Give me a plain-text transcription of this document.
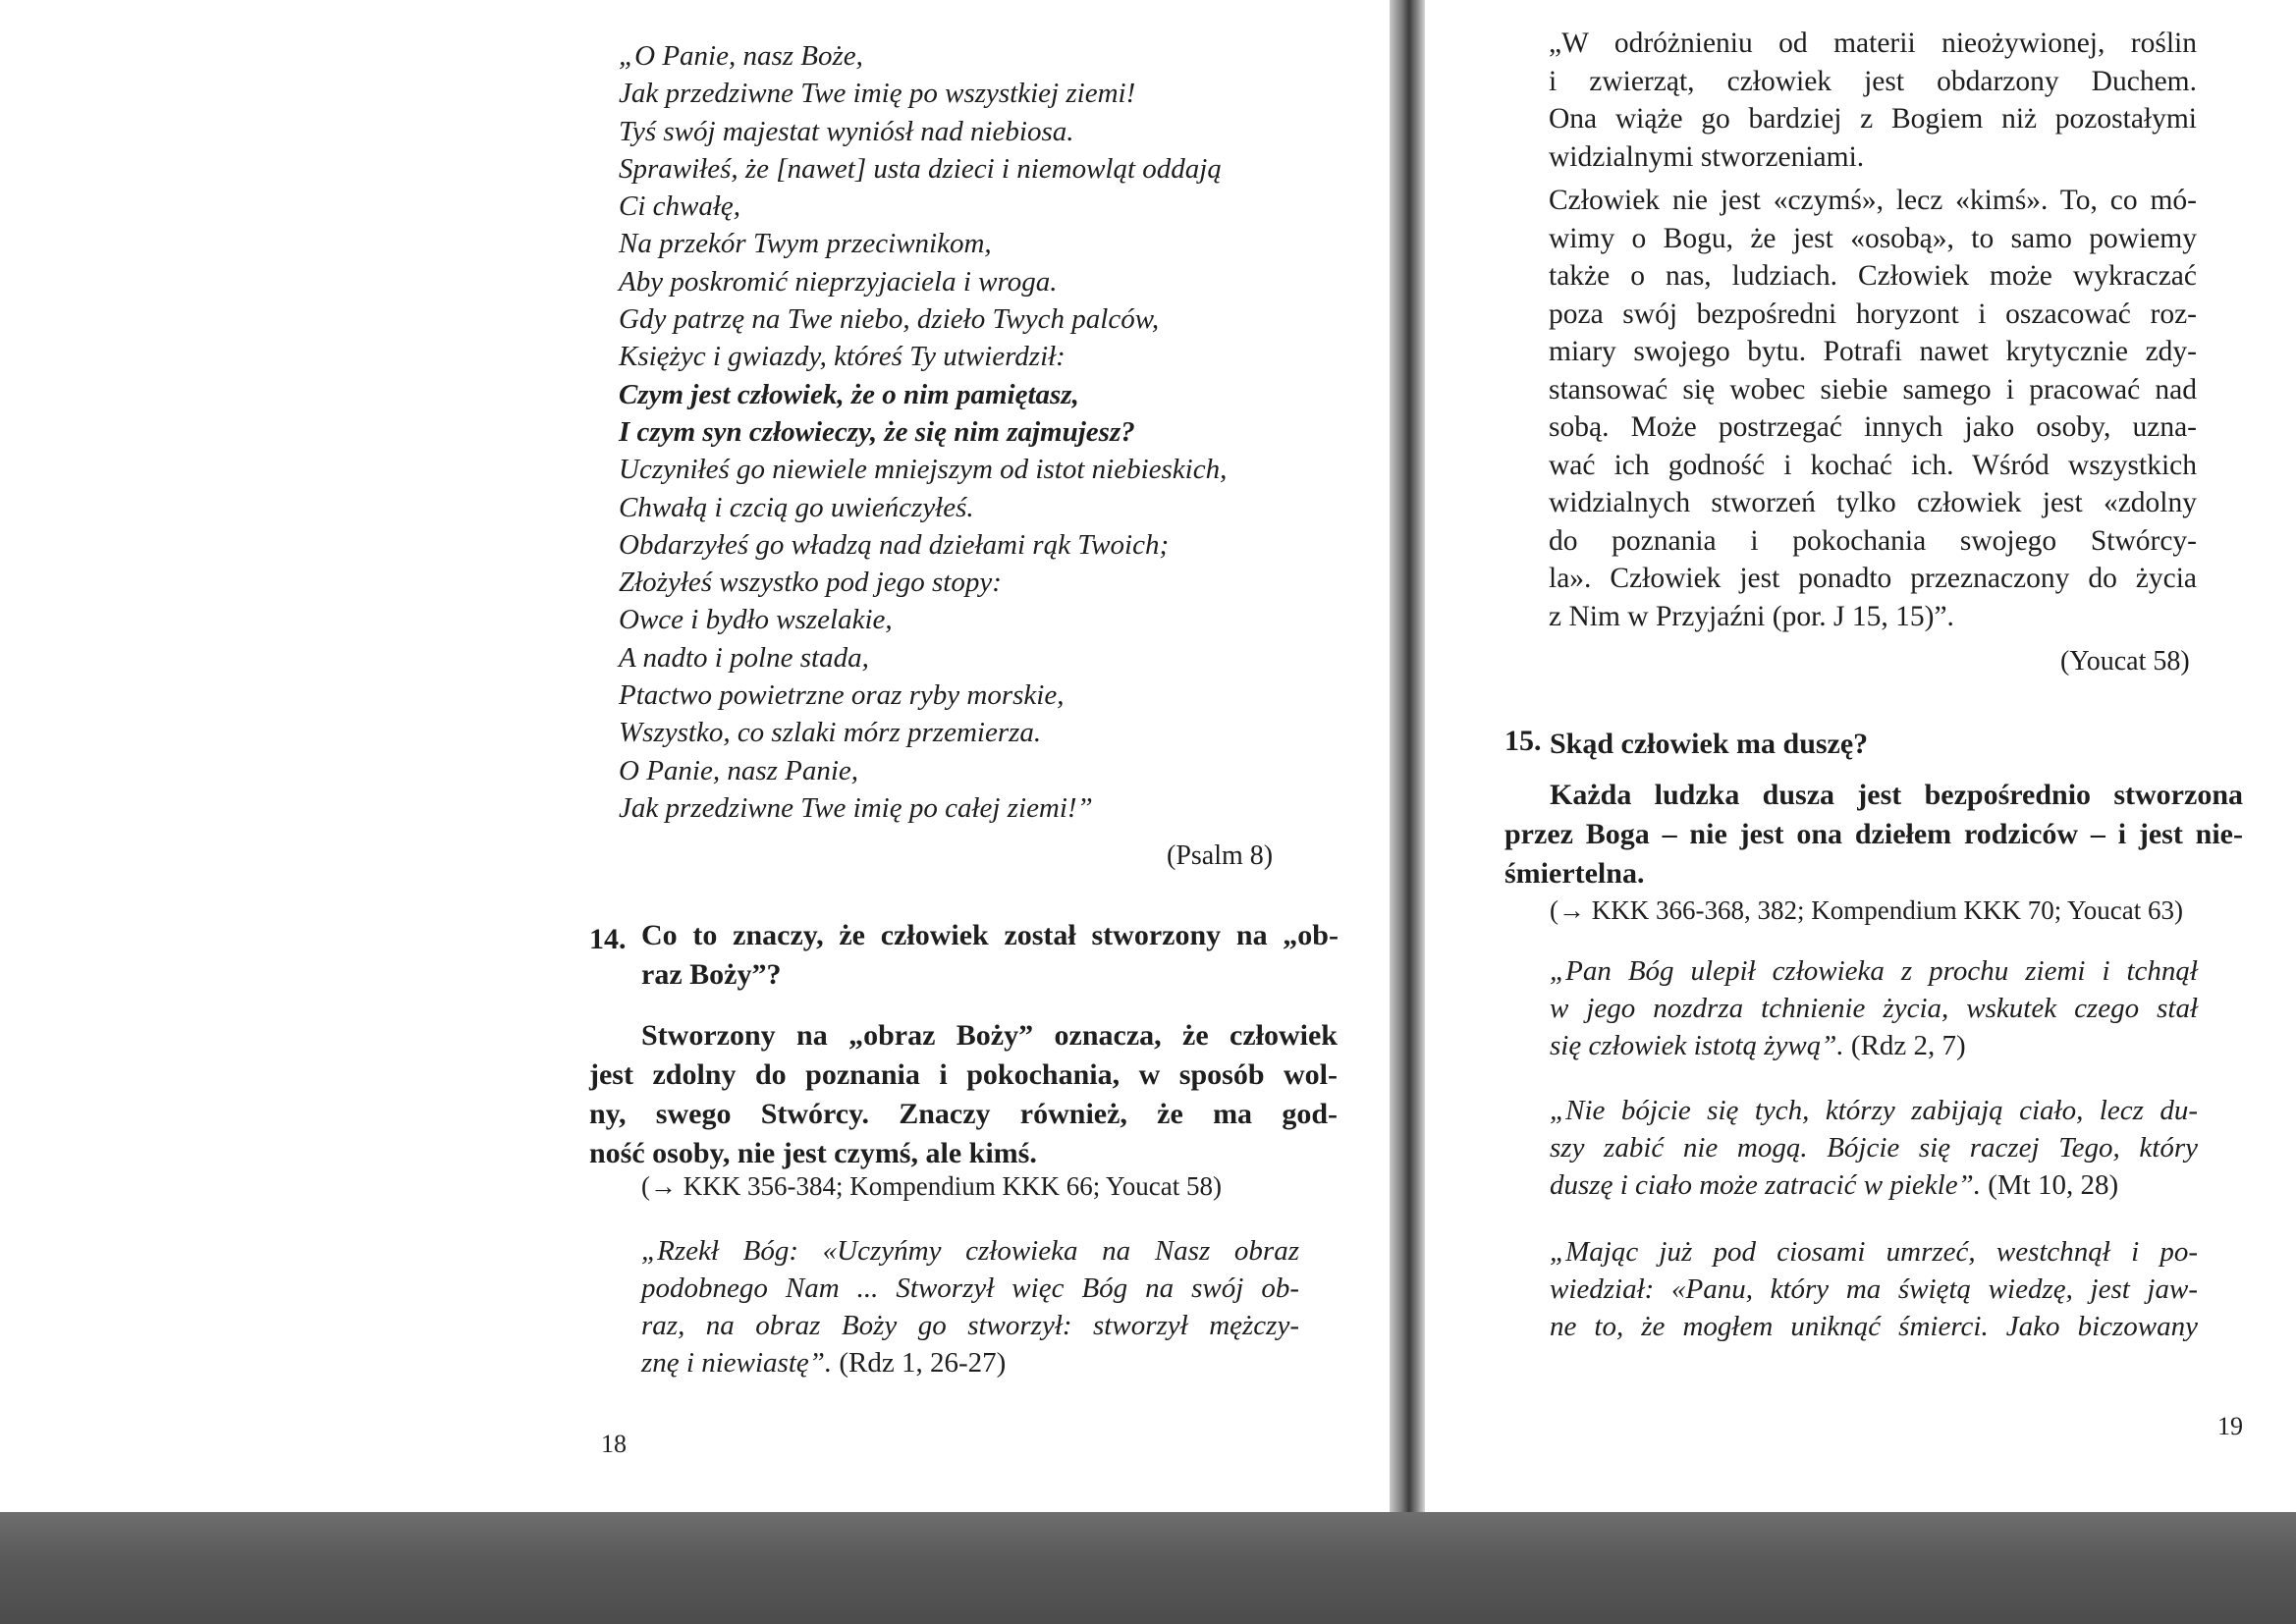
„O Panie, nasz Boże,
Jak przedziwne Twe imię po wszystkiej ziemi!
Tyś swój majestat wyniósł nad niebiosa.
Sprawiłeś, że [nawet] usta dzieci i niemowląt oddają
Ci chwałę,
Na przekór Twym przeciwnikom,
Aby poskromić nieprzyjaciela i wroga.
Gdy patrzę na Twe niebo, dzieło Twych palców,
Księżyc i gwiazdy, któreś Ty utwierdził:
Czym jest człowiek, że o nim pamiętasz,
I czym syn człowieczy, że się nim zajmujesz?
Uczyniłeś go niewiele mniejszym od istot niebieskich,
Chwałą i czcią go uwieńczyłeś.
Obdarzyłeś go władzą nad dziełami rąk Twoich;
Złożyłeś wszystko pod jego stopy:
Owce i bydło wszelakie,
A nadto i polne stada,
Ptactwo powietrzne oraz ryby morskie,
Wszystko, co szlaki mórz przemierza.
O Panie, nasz Panie,
Jak przedziwne Twe imię po całej ziemi!”
(Psalm 8)
14. Co to znaczy, że człowiek został stworzony na „ob-
raz Boży”?
Stworzony na „obraz Boży” oznacza, że człowiek
jest zdolny do poznania i pokochania, w sposób wol-
ny, swego Stwórcy. Znaczy również, że ma god-
ność osoby, nie jest czymś, ale kimś.
(→ KKK 356-384; Kompendium KKK 66; Youcat 58)
„Rzekł Bóg: «Uczyńmy człowieka na Nasz obraz
podobnego Nam ... Stworzył więc Bóg na swój ob-
raz, na obraz Boży go stworzył: stworzył mężczy-
znę i niewiastę”. (Rdz 1, 26-27)
18
„W odróżnieniu od materii nieożywionej, roślin
i zwierząt, człowiek jest obdarzony Duchem.
Ona wiąże go bardziej z Bogiem niż pozostałymi
widzialnymi stworzeniami.
Człowiek nie jest «czymś», lecz «kimś». To, co mó-
wimy o Bogu, że jest «osobą», to samo powiemy
także o nas, ludziach. Człowiek może wykraczać
poza swój bezpośredni horyzont i oszacować roz-
miary swojego bytu. Potrafi nawet krytycznie zdy-
stansować się wobec siebie samego i pracować nad
sobą. Może postrzegać innych jako osoby, uzna-
wać ich godność i kochać ich. Wśród wszystkich
widzialnych stworzeń tylko człowiek jest «zdolny
do poznania i pokochania swojego Stwórcy-
la». Człowiek jest ponadto przeznaczony do życia
z Nim w Przyjaźni (por. J 15, 15)”.
(Youcat 58)
15. Skąd człowiek ma duszę?
Każda ludzka dusza jest bezpośrednio stworzona
przez Boga – nie jest ona dziełem rodziców – i jest nie-
śmiertelna.
(→ KKK 366-368, 382; Kompendium KKK 70; Youcat 63)
„Pan Bóg ulepił człowieka z prochu ziemi i tchnął
w jego nozdrza tchnienie życia, wskutek czego stał
się człowiek istotą żywą”. (Rdz 2, 7)
„Nie bójcie się tych, którzy zabijają ciało, lecz du-
szy zabić nie mogą. Bójcie się raczej Tego, który
duszę i ciało może zatracić w piekle”. (Mt 10, 28)
„Mając już pod ciosami umrzeć, westchnął i po-
wiedział: «Panu, który ma świętą wiedzę, jest jaw-
ne to, że mogłem uniknąć śmierci. Jako biczowany
19
